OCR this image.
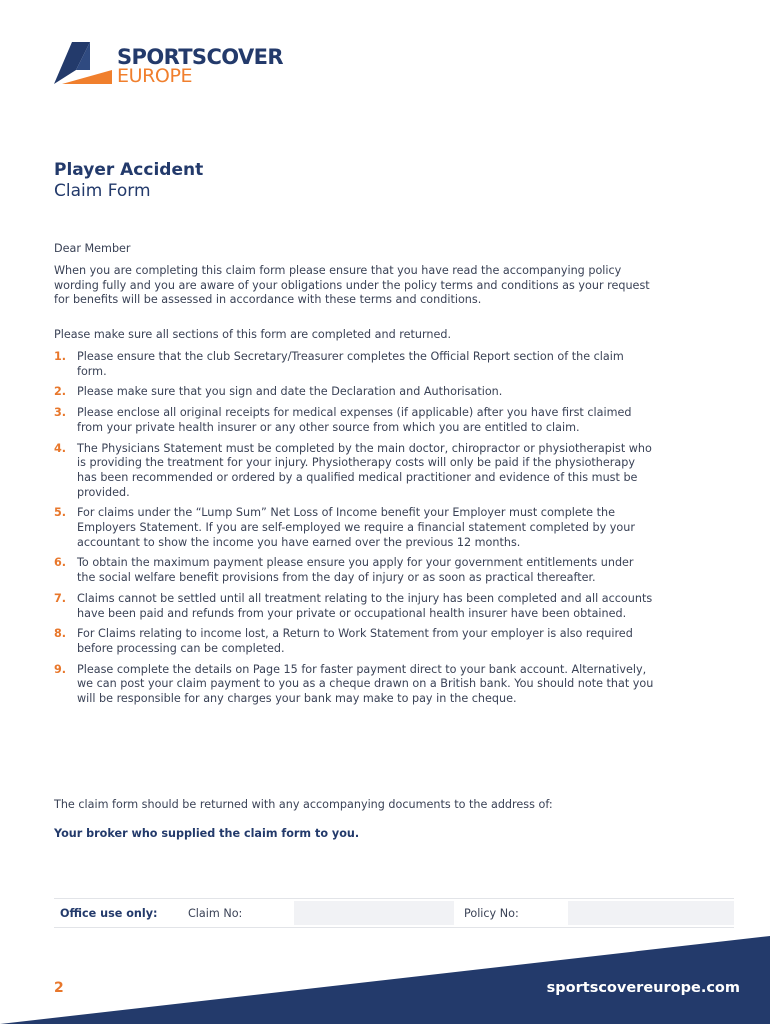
SPORTSCOVER
EUROPE
Player Accident
Claim Form
Dear Member
When you are completing this claim form please ensure that you have read the accompanying policy wording fully and you are aware of your obligations under the policy terms and conditions as your request for benefits will be assessed in accordance with these terms and conditions.
Please make sure all sections of this form are completed and returned.
1. Please ensure that the club Secretary/Treasurer completes the Official Report section of the claim form.
2. Please make sure that you sign and date the Declaration and Authorisation.
3. Please enclose all original receipts for medical expenses (if applicable) after you have first claimed from your private health insurer or any other source from which you are entitled to claim.
4. The Physicians Statement must be completed by the main doctor, chiropractor or physiotherapist who is providing the treatment for your injury. Physiotherapy costs will only be paid if the physiotherapy has been recommended or ordered by a qualified medical practitioner and evidence of this must be provided.
5. For claims under the “Lump Sum” Net Loss of Income benefit your Employer must complete the Employers Statement. If you are self-employed we require a financial statement completed by your accountant to show the income you have earned over the previous 12 months.
6. To obtain the maximum payment please ensure you apply for your government entitlements under the social welfare benefit provisions from the day of injury or as soon as practical thereafter.
7. Claims cannot be settled until all treatment relating to the injury has been completed and all accounts have been paid and refunds from your private or occupational health insurer have been obtained.
8. For Claims relating to income lost, a Return to Work Statement from your employer is also required before processing can be completed.
9. Please complete the details on Page 15 for faster payment direct to your bank account. Alternatively, we can post your claim payment to you as a cheque drawn on a British bank. You should note that you will be responsible for any charges your bank may make to pay in the cheque.
The claim form should be returned with any accompanying documents to the address of:
Your broker who supplied the claim form to you.
Office use only:	Claim No:	Policy No:
2	sportscovereurope.com
